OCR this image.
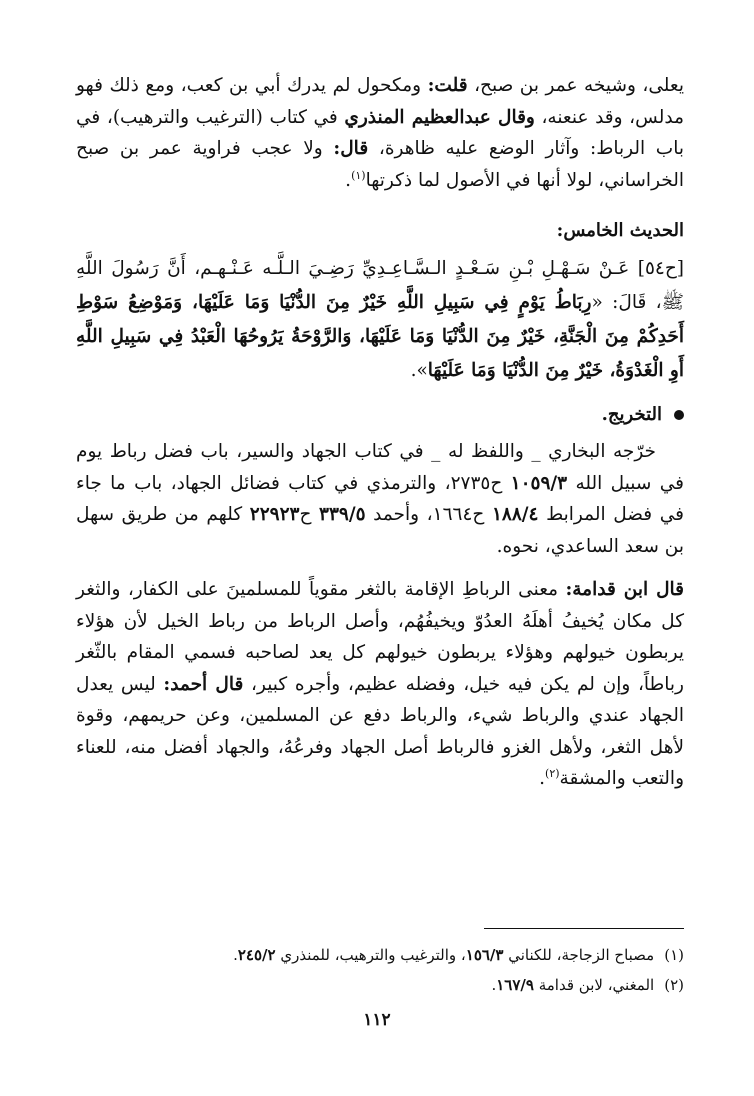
يعلى، وشيخه عمر بن صبح، قلت: ومكحول لم يدرك أبي بن كعب، ومع ذلك فهو مدلس، وقد عنعنه، وقال عبدالعظيم المنذري في كتاب (الترغيب والترهيب)، في باب الرباط: وآثار الوضع عليه ظاهرة، قال: ولا عجب فراوية عمر بن صبح الخراساني، لولا أنها في الأصول لما ذكرتها$^{(١)}$.

الحديث الخامس:

[ح٥٤] عَـنْ سَـهْـلِ بْـنِ سَـعْـدٍ الـسَّـاعِـدِيِّ رَضِـيَ الـلَّـه عَـنْـهـم، أَنَّ رَسُولَ اللَّهِ ﷺ، قَالَ: «رِبَاطُ يَوْمٍ فِي سَبِيلِ اللَّهِ خَيْرٌ مِنَ الدُّنْيَا وَمَا عَلَيْهَا، وَمَوْضِعُ سَوْطِ أَحَدِكُمْ مِنَ الْجَنَّةِ، خَيْرٌ مِنَ الدُّنْيَا وَمَا عَلَيْهَا، وَالرَّوْحَةُ يَرُوحُهَا الْعَبْدُ فِي سَبِيلِ اللَّهِ أَوِ الْغَدْوَةُ، خَيْرٌ مِنَ الدُّنْيَا وَمَا عَلَيْهَا».

التخريج.

خرّجه البخاري _ واللفظ له _ في كتاب الجهاد والسير، باب فضل رباط يوم في سبيل الله ١٠٥٩/٣ ح٢٧٣٥، والترمذي في كتاب فضائل الجهاد، باب ما جاء في فضل المرابط ١٨٨/٤ ح١٦٦٤، وأحمد ٣٣٩/٥ ح٢٢٩٢٣ كلهم من طريق سهل بن سعد الساعدي، نحوه.

قال ابن قدامة: معنى الرباطِ الإقامة بالثغر مقوياً للمسلمينَ على الكفار، والثغر كل مكان يُخيفُ أهلَهُ العدُوّ ويخيفُهُم، وأصل الرباط من رباط الخيل لأن هؤلاء يربطون خيولهم وهؤلاء يربطون خيولهم كل يعد لصاحبه فسمي المقام بالثّغر رباطاً، وإن لم يكن فيه خيل، وفضله عظيم، وأجره كبير، قال أحمد: ليس يعدل الجهاد عندي والرباط شيء، والرباط دفع عن المسلمين، وعن حريمهم، وقوة لأهل الثغر، ولأهل الغزو فالرباط أصل الجهاد وفرعُهُ، والجهاد أفضل منه، للعناء والتعب والمشقة$^{(٢)}$.

(١)مصباح الزجاجة، للكناني ١٥٦/٣، والترغيب والترهيب، للمنذري ٢٤٥/٢.
(٢)المغني، لابن قدامة ١٦٧/٩.
١١٢
